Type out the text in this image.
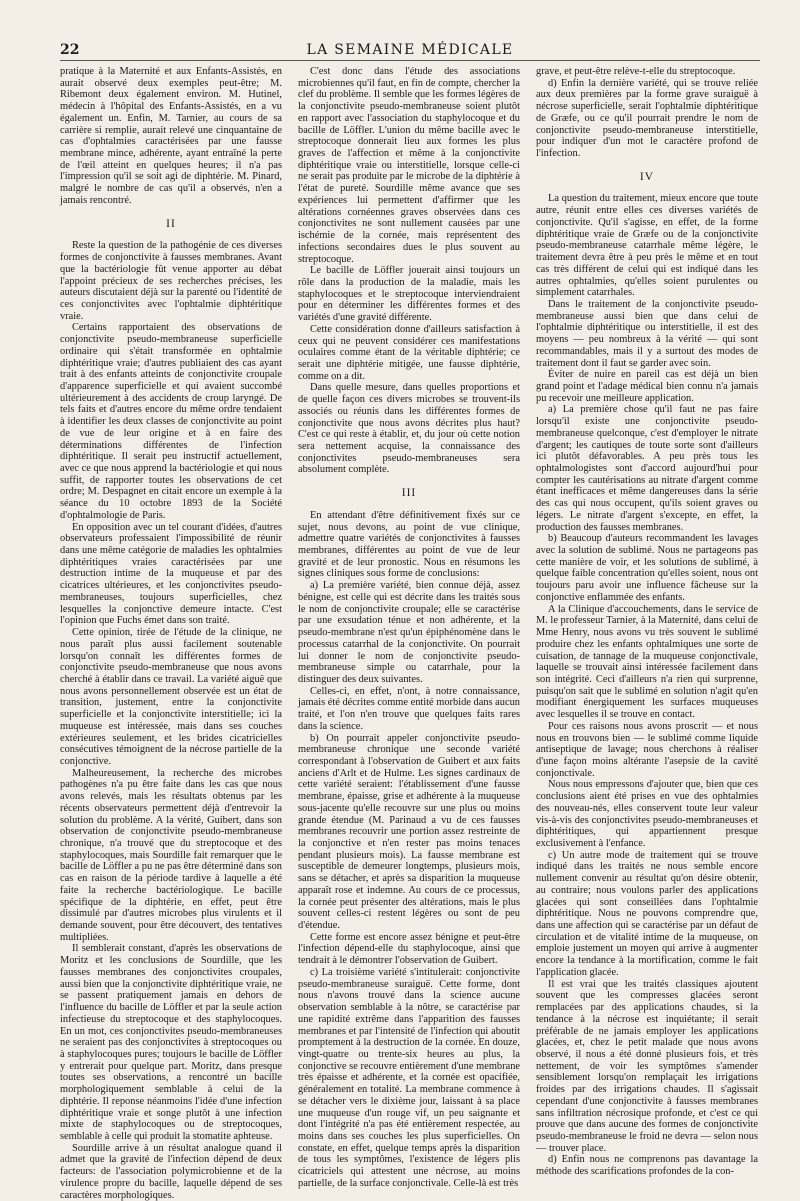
22	LA SEMAINE MÉDICALE

pratique à la Maternité et aux Enfants-Assistés, en aurait observé deux exemples peut-être; M. Ribemont deux également environ. M. Hutinel, médecin à l'hôpital des Enfants-Assistés, en a vu également un. Enfin, M. Tarnier, au cours de sa carrière si remplie, aurait relevé une cinquantaine de cas d'ophtalmies caractérisées par une fausse membrane mince, adhérente, ayant entraîné la perte de l'œil atteint en quelques heures; il n'a pas l'impression qu'il se soit agi de diphtérie. M. Pinard, malgré le nombre de cas qu'il a observés, n'en a jamais rencontré.

II

Reste la question de la pathogénie de ces diverses formes de conjonctivite à fausses membranes. Avant que la bactériologie fût venue apporter au débat l'appoint précieux de ses recherches précises, les auteurs discutaient déjà sur la parenté ou l'identité de ces conjonctivites avec l'ophtalmie diphtéritique vraie.

Certains rapportaient des observations de conjonctivite pseudo-membraneuse superficielle ordinaire qui s'était transformée en ophtalmie diphtéritique vraie; d'autres publiaient des cas ayant trait à des enfants atteints de conjonctivite croupale d'apparence superficielle et qui avaient succombé ultérieurement à des accidents de croup laryngé. De tels faits et d'autres encore du même ordre tendaient à identifier les deux classes de conjonctivite au point de vue de leur origine et à en faire des déterminations différentes de l'infection diphtéritique. Il serait peu instructif actuellement, avec ce que nous apprend la bactériologie et qui nous suffit, de rapporter toutes les observations de cet ordre; M. Despagnet en citait encore un exemple à la séance du 10 octobre 1893 de la Société d'ophtalmologie de Paris.

En opposition avec un tel courant d'idées, d'autres observateurs professaient l'impossibilité de réunir dans une même catégorie de maladies les ophtalmies diphtéritiques vraies caractérisées par une destruction intime de la muqueuse et par des cicatrices ultérieures, et les conjonctivites pseudo-membraneuses, toujours superficielles, chez lesquelles la conjonctive demeure intacte. C'est l'opinion que Fuchs émet dans son traité.

Cette opinion, tirée de l'étude de la clinique, ne nous paraît plus aussi facilement soutenable lorsqu'on connaît les différentes formes de conjonctivite pseudo-membraneuse que nous avons cherché à établir dans ce travail. La variété aiguë que nous avons personnellement observée est un état de transition, justement, entre la conjonctivite superficielle et la conjonctivite interstitielle; ici la muqueuse est intéressée, mais dans ses couches extérieures seulement, et les brides cicatricielles consécutives témoignent de la nécrose partielle de la conjonctive.

Malheureusement, la recherche des microbes pathogènes n'a pu être faite dans les cas que nous avons relevés, mais les résultats obtenus par les récents observateurs permettent déjà d'entrevoir la solution du problème. A la vérité, Guibert, dans son observation de conjonctivite pseudo-membraneuse chronique, n'a trouvé que du streptocoque et des staphylocoques, mais Sourdille fait remarquer que le bacille de Löffler a pu ne pas être déterminé dans son cas en raison de la période tardive à laquelle a été faite la recherche bactériologique. Le bacille spécifique de la diphtérie, en effet, peut être dissimulé par d'autres microbes plus virulents et il demande souvent, pour être découvert, des tentatives multipliées.

Il semblerait constant, d'après les observations de Moritz et les conclusions de Sourdille, que les fausses membranes des conjonctivites croupales, aussi bien que la conjonctivite diphtéritique vraie, ne se passent pratiquement jamais en dehors de l'influence du bacille de Löffler et par la seule action infectieuse du streptocoque et des staphylocoques. En un mot, ces conjonctivites pseudo-membraneuses ne seraient pas des conjonctivites à streptocoques ou à staphylocoques pures; toujours le bacille de Löffler y entrerait pour quelque part. Moritz, dans presque toutes ses observations, a rencontré un bacille morphologiquement semblable à celui de la diphtérie. Il reponse néanmoins l'idée d'une infection diphtéritique vraie et songe plutôt à une infection mixte de staphylocoques ou de streptocoques, semblable à celle qui produit la stomatite aphteuse.

Sourdille arrive à un résultat analogue quand il admet que la gravité de l'infection dépend de deux facteurs: de l'association polymicrobienne et de la virulence propre du bacille, laquelle dépend de ses caractères morphologiques.

C'est donc dans l'étude des associations microbiennes qu'il faut, en fin de compte, chercher la clef du problème. Il semble que les formes légères de la conjonctivite pseudo-membraneuse soient plutôt en rapport avec l'association du staphylocoque et du bacille de Löffler. L'union du même bacille avec le streptocoque donnerait lieu aux formes les plus graves de l'affection et même à la conjonctivite diphtéritique vraie ou interstitielle, lorsque celle-ci ne serait pas produite par le microbe de la diphtérie à l'état de pureté. Sourdille même avance que ses expériences lui permettent d'affirmer que les altérations cornéennes graves observées dans ces conjonctivites ne sont nullement causées par une ischémie de la cornée, mais représentent des infections secondaires dues le plus souvent au streptocoque.

Le bacille de Löffler jouerait ainsi toujours un rôle dans la production de la maladie, mais les staphylocoques et le streptocoque interviendraient pour en déterminer les différentes formes et des variétés d'une gravité différente.

Cette considération donne d'ailleurs satisfaction à ceux qui ne peuvent considérer ces manifestations oculaires comme étant de la véritable diphtérie; ce serait une diphtérie mitigée, une fausse diphtérie, comme on a dit.

Dans quelle mesure, dans quelles proportions et de quelle façon ces divers microbes se trouvent-ils associés ou réunis dans les différentes formes de conjonctivite que nous avons décrites plus haut? C'est ce qui reste à établir, et, du jour où cette notion sera nettement acquise, la connaissance des conjonctivites pseudo-membraneuses sera absolument complète.

III

En attendant d'être définitivement fixés sur ce sujet, nous devons, au point de vue clinique, admettre quatre variétés de conjonctivites à fausses membranes, différentes au point de vue de leur gravité et de leur pronostic. Nous en résumons les signes cliniques sous forme de conclusions:

a) La première variété, bien connue déjà, assez bénigne, est celle qui est décrite dans les traités sous le nom de conjonctivite croupale; elle se caractérise par une exsudation ténue et non adhérente, et la pseudo-membrane n'est qu'un épiphénomène dans le processus catarrhal de la conjonctivite. On pourrait lui donner le nom de conjonctivite pseudo-membraneuse simple ou catarrhale, pour la distinguer des deux suivantes.

Celles-ci, en effet, n'ont, à notre connaissance, jamais été décrites comme entité morbide dans aucun traité, et l'on n'en trouve que quelques faits rares dans la science.

b) On pourrait appeler conjonctivite pseudo-membraneuse chronique une seconde variété correspondant à l'observation de Guibert et aux faits anciens d'Arlt et de Hulme. Les signes cardinaux de cette variété seraient: l'établissement d'une fausse membrane, épaisse, grise et adhérente à la muqueuse sous-jacente qu'elle recouvre sur une plus ou moins grande étendue (M. Parinaud a vu de ces fausses membranes recouvrir une portion assez restreinte de la conjonctive et n'en rester pas moins tenaces pendant plusieurs mois). La fausse membrane est susceptible de demeurer longtemps, plusieurs mois, sans se détacher, et après sa disparition la muqueuse apparaît rose et indemne. Au cours de ce processus, la cornée peut présenter des altérations, mais le plus souvent celles-ci restent légères ou sont de peu d'étendue.

Cette forme est encore assez bénigne et peut-être l'infection dépend-elle du staphylocoque, ainsi que tendrait à le démontrer l'observation de Guibert.

c) La troisième variété s'intitulerait: conjonctivite pseudo-membraneuse suraiguë. Cette forme, dont nous n'avons trouvé dans la science aucune observation semblable à la nôtre, se caractérise par une rapidité extrême dans l'apparition des fausses membranes et par l'intensité de l'infection qui aboutit promptement à la destruction de la cornée. En douze, vingt-quatre ou trente-six heures au plus, la conjonctive se recouvre entièrement d'une membrane très épaisse et adhérente, et la cornée est opacifiée, généralement en totalité. La membrane commence à se détacher vers le dixième jour, laissant à sa place une muqueuse d'un rouge vif, un peu saignante et dont l'intégrité n'a pas été entièrement respectée, au moins dans ses couches les plus superficielles. On constate, en effet, quelque temps après la disparition de tous les symptômes, l'existence de légers plis cicatriciels qui attestent une nécrose, au moins partielle, de la surface conjonctivale. Celle-là est très

grave, et peut-être relève-t-elle du streptocoque.

d) Enfin la dernière variété, qui se trouve reliée aux deux premières par la forme grave suraiguë à nécrose superficielle, serait l'ophtalmie diphtéritique de Græfe, ou ce qu'il pourrait prendre le nom de conjonctivite pseudo-membraneuse interstitielle, pour indiquer d'un mot le caractère profond de l'infection.

IV

La question du traitement, mieux encore que toute autre, réunit entre elles ces diverses variétés de conjonctivite. Qu'il s'agisse, en effet, de la forme diphtéritique vraie de Græfe ou de la conjonctivite pseudo-membraneuse catarrhale même légère, le traitement devra être à peu près le même et en tout cas très différent de celui qui est indiqué dans les autres ophtalmies, qu'elles soient purulentes ou simplement catarrhales.

Dans le traitement de la conjonctivite pseudo-membraneuse aussi bien que dans celui de l'ophtalmie diphtéritique ou interstitielle, il est des moyens — peu nombreux à la vérité — qui sont recommandables, mais il y a surtout des modes de traitement dont il faut se garder avec soin.

Éviter de nuire en pareil cas est déjà un bien grand point et l'adage médical bien connu n'a jamais pu recevoir une meilleure application.

a) La première chose qu'il faut ne pas faire lorsqu'il existe une conjonctivite pseudo-membraneuse quelconque, c'est d'employer le nitrate d'argent; les cautiques de toute sorte sont d'ailleurs ici plutôt défavorables. A peu près tous les ophtalmologistes sont d'accord aujourd'hui pour compter les cautérisations au nitrate d'argent comme étant inefficaces et même dangereuses dans la série des cas qui nous occupent, qu'ils soient graves ou légers. Le nitrate d'argent s'excepte, en effet, la production des fausses membranes.

b) Beaucoup d'auteurs recommandent les lavages avec la solution de sublimé. Nous ne partageons pas cette manière de voir, et les solutions de sublimé, à quelque faible concentration qu'elles soient, nous ont toujours paru avoir une influence fâcheuse sur la conjonctive enflammée des enfants.

A la Clinique d'accouchements, dans le service de M. le professeur Tarnier, à la Maternité, dans celui de Mme Henry, nous avons vu très souvent le sublimé produire chez les enfants ophtalmiques une sorte de cuisation, de tannage de la muqueuse conjonctivale, laquelle se trouvait ainsi intéressée facilement dans son intégrité. Ceci d'ailleurs n'a rien qui surprenne, puisqu'on sait que le sublimé en solution n'agit qu'en modifiant énergiquement les surfaces muqueuses avec lesquelles il se trouve en contact.

Pour ces raisons nous avons proscrit — et nous nous en trouvons bien — le sublimé comme liquide antiseptique de lavage; nous cherchons à réaliser d'une façon moins altérante l'asepsie de la cavité conjonctivale.

Nous nous empressons d'ajouter que, bien que ces conclusions aient été prises en vue des ophtalmies des nouveau-nés, elles conservent toute leur valeur vis-à-vis des conjonctivites pseudo-membraneuses et diphtéritiques, qui appartiennent presque exclusivement à l'enfance.

c) Un autre mode de traitement qui se trouve indiqué dans les traités ne nous semble encore nullement convenir au résultat qu'on désire obtenir, au contraire; nous voulons parler des applications glacées qui sont conseillées dans l'ophtalmie diphtéritique. Nous ne pouvons comprendre que, dans une affection qui se caractérise par un défaut de circulation et de vitalité intime de la muqueuse, on emploie justement un moyen qui arrive à augmenter encore la tendance à la mortification, comme le fait l'application glacée.

Il est vrai que les traités classiques ajoutent souvent que les compresses glacées seront remplacées par des applications chaudes, si la tendance à la nécrose est inquiétante; il serait préférable de ne jamais employer les applications glacées, et, chez le petit malade que nous avons observé, il nous a été donné plusieurs fois, et très nettement, de voir les symptômes s'amender sensiblement lorsqu'on remplaçait les irrigations froides par des irrigations chaudes. Il s'agissait cependant d'une conjonctivite à fausses membranes sans infiltration nécrosique profonde, et c'est ce qui prouve que dans aucune des formes de conjonctivite pseudo-membraneuse le froid ne devra — selon nous — trouver place.

d) Enfin nous ne comprenons pas davantage la méthode des scarifications profondes de la con-
